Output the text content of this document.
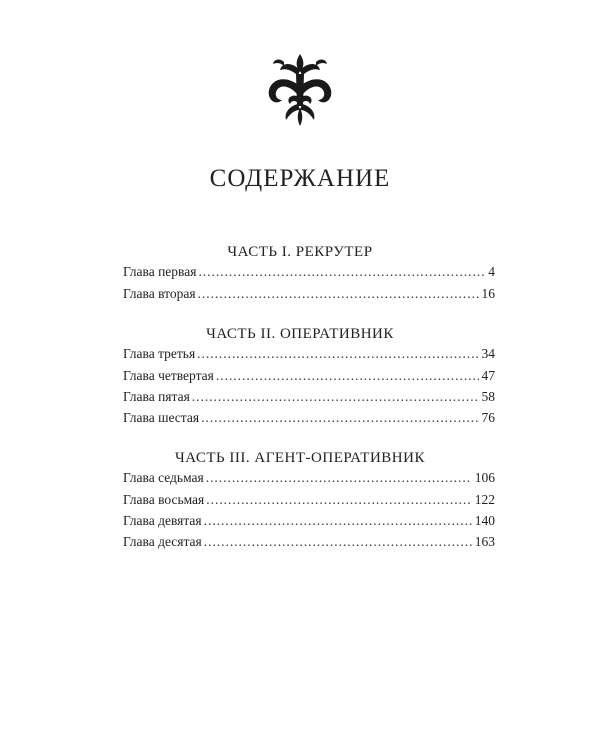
СОДЕРЖАНИЕ
ЧАСТЬ I. РЕКРУТЕР
Глава первая . . .	4
Глава вторая . . .	16
ЧАСТЬ II. ОПЕРАТИВНИК
Глава третья . . .	34
Глава четвертая . . .	47
Глава пятая . . .	58
Глава шестая . . .	76
ЧАСТЬ III. АГЕНТ-ОПЕРАТИВНИК
Глава седьмая . . .	106
Глава восьмая . . .	122
Глава девятая . . .	140
Глава десятая . . .	163
